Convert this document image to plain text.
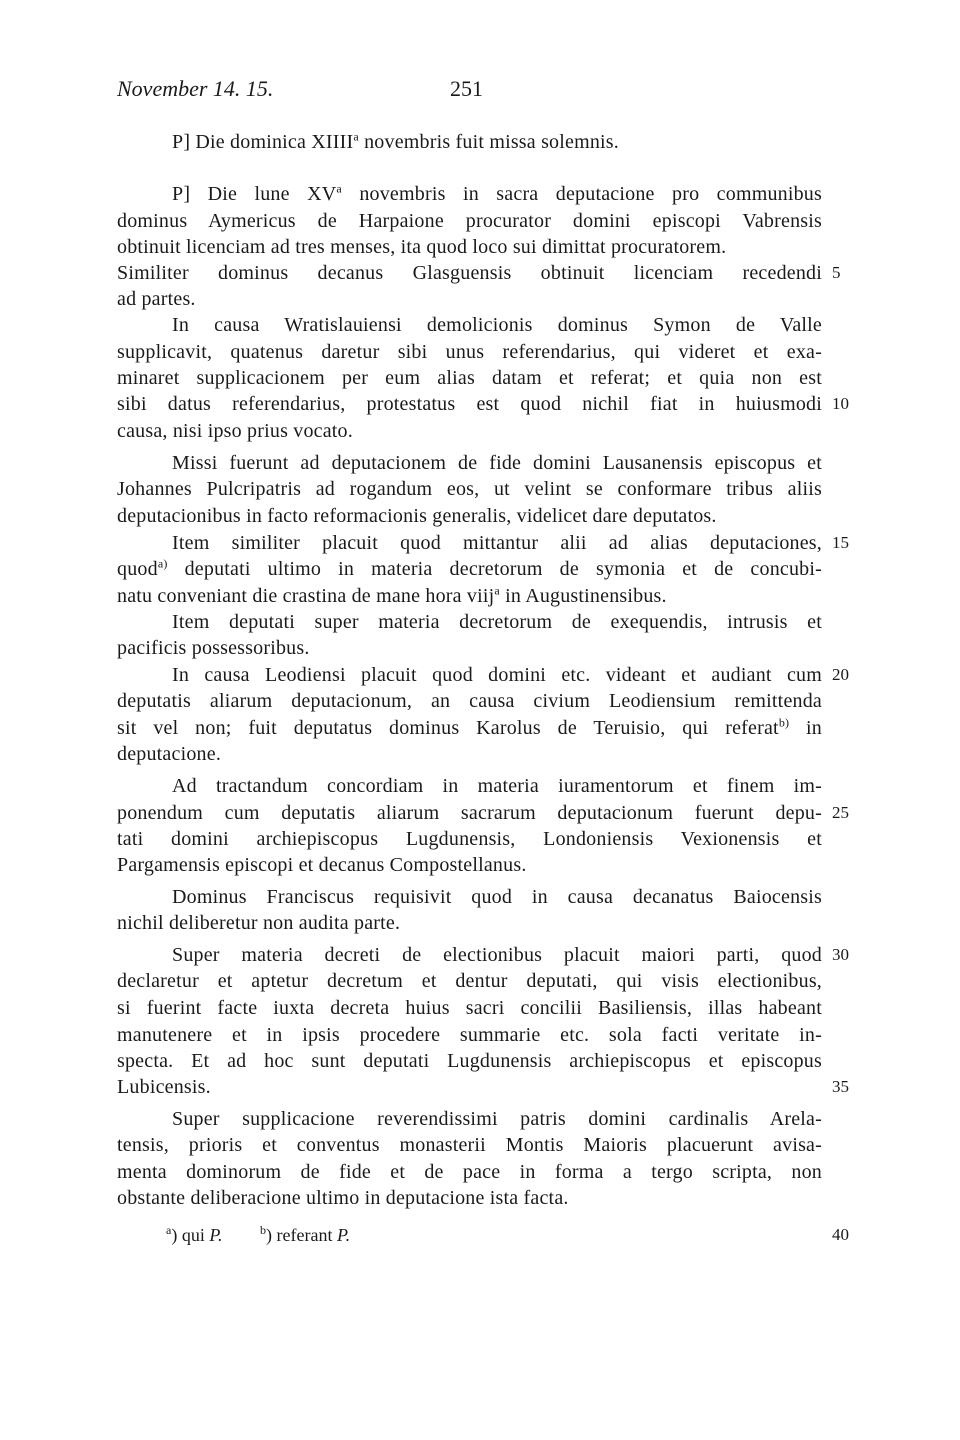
November 14. 15.	251
P] Die dominica XIIII$^a$ novembris fuit missa solemnis.
P] Die lune $XV^a$ novembris in sacra deputacione pro communibus
dominus Aymericus de Harpaione procurator domini episcopi Vabrensis
obtinuit licenciam ad tres menses, ita quod loco sui dimittat procuratorem.
Similiter dominus decanus Glasguensis obtinuit licenciam recedendi 5
ad partes.
In causa Wratislauiensi demolicionis dominus Symon de Valle
supplicavit, quatenus daretur sibi unus referendarius, qui videret et exa-
minaret supplicacionem per eum alias datam et referat; et quia non est
sibi datus referendarius, protestatus est quod nichil fiat in huiusmodi 10
causa, nisi ipso prius vocato.
Missi fuerunt ad deputacionem de fide domini Lausanensis episcopus et
Johannes Pulcripatris ad rogandum eos, ut velint se conformare tribus aliis
deputacionibus in facto reformacionis generalis, videlicet dare deputatos.
Item similiter placuit quod mittantur alii ad alias deputaciones, 15
quod$^{a)}$ deputati ultimo in materia decretorum de symonia et de concubi-
natu conveniant die crastina de mane hora viij$^a$ in Augustinensibus.
Item deputati super materia decretorum de exequendis, intrusis et
pacificis possessoribus.
In causa Leodiensi placuit quod domini etc. videant et audiant cum 20
deputatis aliarum deputacionum, an causa civium Leodiensium remittenda
sit vel non; fuit deputatus dominus Karolus de Teruisio, qui referat$^{b)}$ in
deputacione.
Ad tractandum concordiam in materia iuramentorum et finem im-
ponendum cum deputatis aliarum sacrarum deputacionum fuerunt depu- 25
tati domini archiepiscopus Lugdunensis, Londoniensis Vexionensis et
Pargamensis episcopi et decanus Compostellanus.
Dominus Franciscus requisivit quod in causa decanatus Baiocensis
nichil deliberetur non audita parte.
Super materia decreti de electionibus placuit maiori parti, quod 30
declaretur et aptetur decretum et dentur deputati, qui visis electionibus,
si fuerint facte iuxta decreta huius sacri concilii Basiliensis, illas habeant
manutenere et in ipsis procedere summarie etc. sola facti veritate in-
specta. Et ad hoc sunt deputati Lugdunensis archiepiscopus et episcopus
Lubicensis.	35
Super supplicacione reverendissimi patris domini cardinalis Arela-
tensis, prioris et conventus monasterii Montis Maioris placuerunt avisa-
menta dominorum de fide et de pace in forma a tergo scripta, non
obstante deliberacione ultimo in deputacione ista facta.
$^a$) qui P.	$^b$) referant P.	40
